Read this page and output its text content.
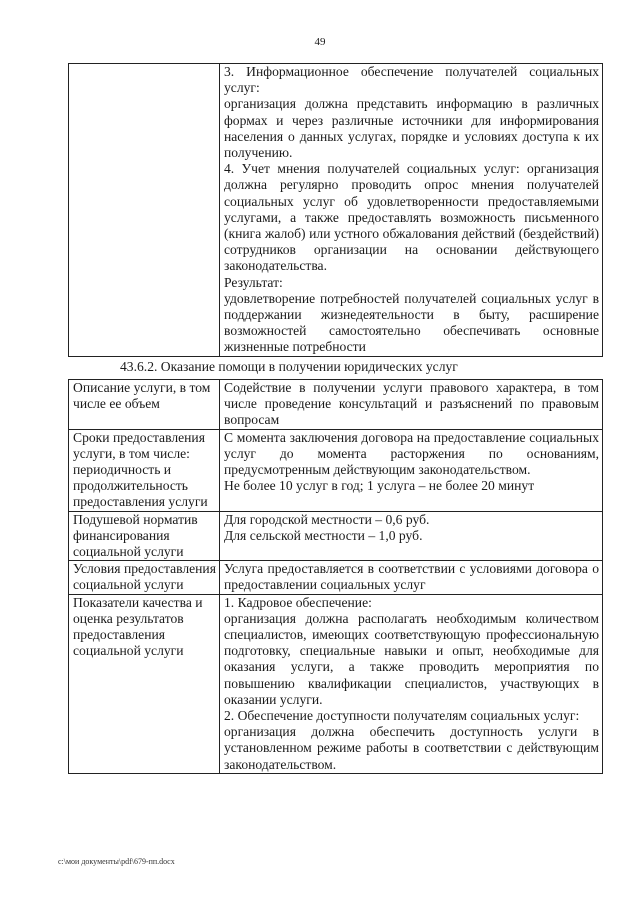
49

3. Информационное обеспечение получателей социальных услуг:
организация должна представить информацию в различных формах и через различные источники для информирования населения о данных услугах, порядке и условиях доступа к их получению.
4. Учет мнения получателей социальных услуг: организация должна регулярно проводить опрос мнения получателей социальных услуг об удовлетворенности предоставляемыми услугами, а также предоставлять возможность письменного (книга жалоб) или устного обжалования действий (бездействий) сотрудников организации на основании действующего законодательства.
Результат:
удовлетворение потребностей получателей социальных услуг в поддержании жизнедеятельности в быту, расширение возможностей самостоятельно обеспечивать основные жизненные потребности
43.6.2. Оказание помощи в получении юридических услуг
Описание услуги, в том числе ее объем	Содействие в получении услуги правового характера, в том числе проведение консультаций и разъяснений по правовым вопросам

Сроки предоставления услуги, в том числе: периодичность и продолжительность предоставления услуги	С момента заключения договора на предоставление социальных услуг до момента расторжения по основаниям, предусмотренным действующим законодательством.
Не более 10 услуг в год; 1 услуга – не более 20 минут

Подушевой норматив финансирования социальной услуги	Для городской местности – 0,6 руб.
Для сельской местности – 1,0 руб.

Условия предоставления социальной услуги	Услуга предоставляется в соответствии с условиями договора о предоставлении социальных услуг

Показатели качества и оценка результатов предоставления социальной услуги	1. Кадровое обеспечение:
организация должна располагать необходимым количеством специалистов, имеющих соответствующую профессиональную подготовку, специальные навыки и опыт, необходимые для оказания услуги, а также проводить мероприятия по повышению квалификации специалистов, участвующих в оказании услуги.
2. Обеспечение доступности получателям социальных услуг:
организация должна обеспечить доступность услуги в установленном режиме работы в соответствии с действующим законодательством.
c:\мои документы\pdf\679-пп.docx
